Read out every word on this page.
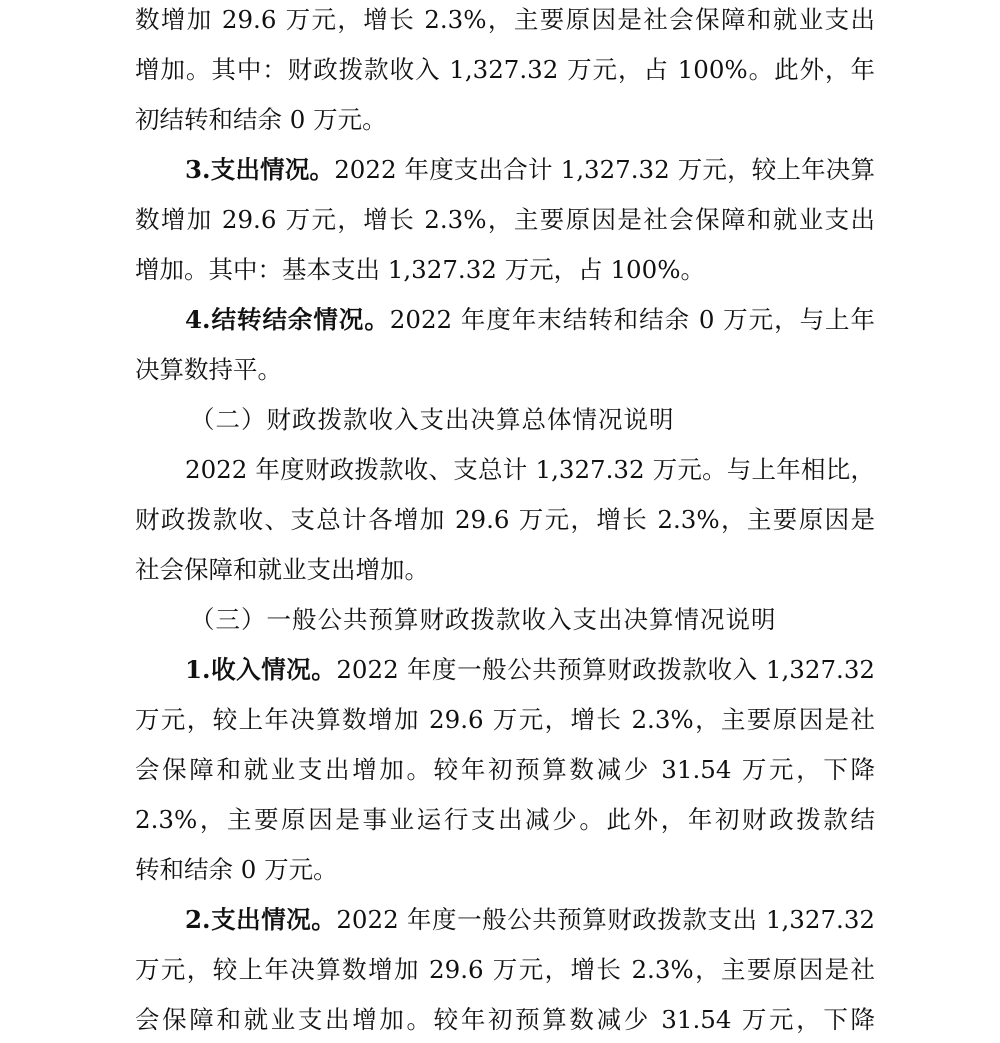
数增加 29.6 万元，增长 2.3%，主要原因是社会保障和就业支出
增加。其中：财政拨款收入 1,327.32 万元，占 100%。此外，年
初结转和结余 0 万元。
3.支出情况。2022 年度支出合计 1,327.32 万元，较上年决算
数增加 29.6 万元，增长 2.3%，主要原因是社会保障和就业支出
增加。其中：基本支出 1,327.32 万元，占 100%。
4.结转结余情况。2022 年度年末结转和结余 0 万元，与上年
决算数持平。
（二）财政拨款收入支出决算总体情况说明
2022 年度财政拨款收、支总计 1,327.32 万元。与上年相比，
财政拨款收、支总计各增加 29.6 万元，增长 2.3%，主要原因是
社会保障和就业支出增加。
（三）一般公共预算财政拨款收入支出决算情况说明
1.收入情况。2022 年度一般公共预算财政拨款收入 1,327.32
万元，较上年决算数增加 29.6 万元，增长 2.3%，主要原因是社
会保障和就业支出增加。较年初预算数减少 31.54 万元，下降
2.3%，主要原因是事业运行支出减少。此外，年初财政拨款结
转和结余 0 万元。
2.支出情况。2022 年度一般公共预算财政拨款支出 1,327.32
万元，较上年决算数增加 29.6 万元，增长 2.3%，主要原因是社
会保障和就业支出增加。较年初预算数减少 31.54 万元，下降
